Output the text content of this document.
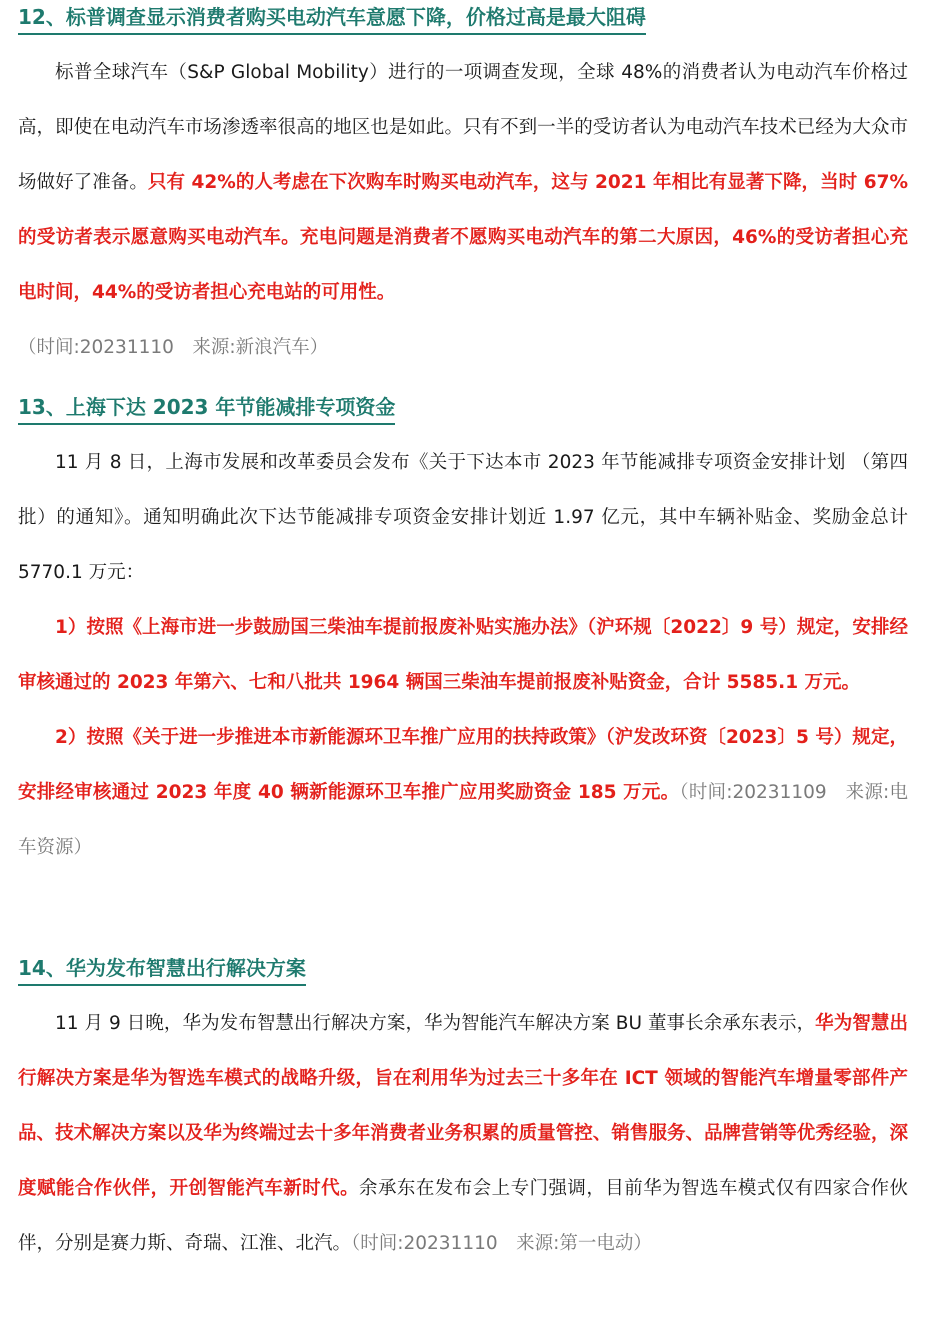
12、标普调查显示消费者购买电动汽车意愿下降，价格过高是最大阻碍

标普全球汽车（S&P Global Mobility）进行的一项调查发现，全球 48%的消费者认为电动汽车价格过高，即使在电动汽车市场渗透率很高的地区也是如此。只有不到一半的受访者认为电动汽车技术已经为大众市场做好了准备。只有 42%的人考虑在下次购车时购买电动汽车，这与 2021 年相比有显著下降，当时 67%的受访者表示愿意购买电动汽车。充电问题是消费者不愿购买电动汽车的第二大原因，46%的受访者担心充电时间，44%的受访者担心充电站的可用性。

（时间:20231110　来源:新浪汽车）

13、上海下达 2023 年节能减排专项资金

11 月 8 日，上海市发展和改革委员会发布《关于下达本市 2023 年节能减排专项资金安排计划 （第四批）的通知》。通知明确此次下达节能减排专项资金安排计划近 1.97 亿元，其中车辆补贴金、奖励金总计 5770.1 万元：

1）按照《上海市进一步鼓励国三柴油车提前报废补贴实施办法》（沪环规〔2022〕9 号）规定，安排经审核通过的 2023 年第六、七和八批共 1964 辆国三柴油车提前报废补贴资金，合计 5585.1 万元。

2）按照《关于进一步推进本市新能源环卫车推广应用的扶持政策》（沪发改环资〔2023〕5 号）规定，安排经审核通过 2023 年度 40 辆新能源环卫车推广应用奖励资金 185 万元。（时间:20231109　来源:电车资源）

14、华为发布智慧出行解决方案

11 月 9 日晚，华为发布智慧出行解决方案，华为智能汽车解决方案 BU 董事长余承东表示，华为智慧出行解决方案是华为智选车模式的战略升级，旨在利用华为过去三十多年在 ICT 领域的智能汽车增量零部件产品、技术解决方案以及华为终端过去十多年消费者业务积累的质量管控、销售服务、品牌营销等优秀经验，深度赋能合作伙伴，开创智能汽车新时代。余承东在发布会上专门强调，目前华为智选车模式仅有四家合作伙伴，分别是赛力斯、奇瑞、江淮、北汽。（时间:20231110　来源:第一电动）
